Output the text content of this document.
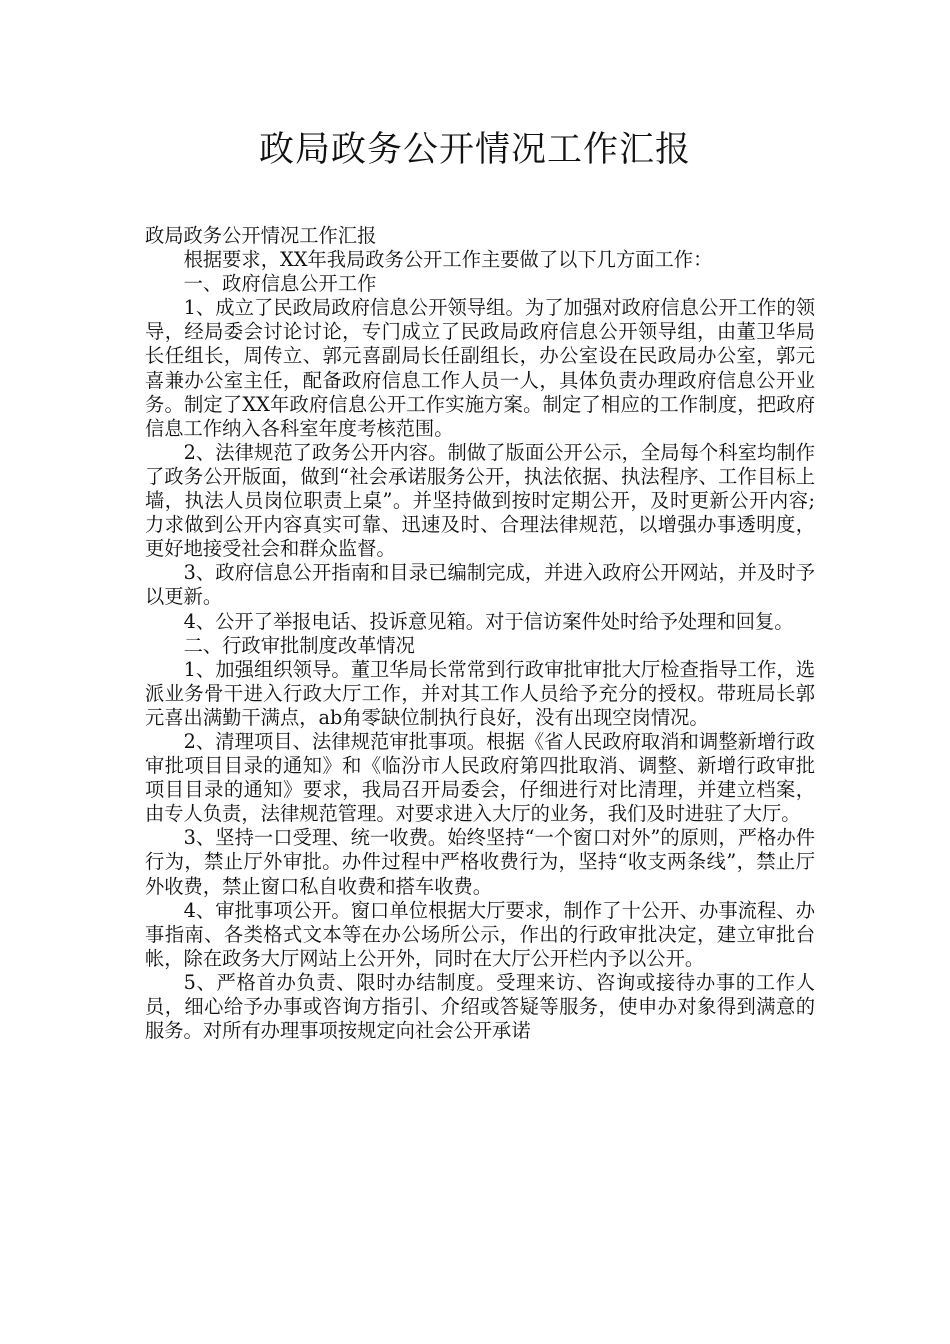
政局政务公开情况工作汇报

政局政务公开情况工作汇报

根据要求，XX年我局政务公开工作主要做了以下几方面工作：

一、政府信息公开工作

1、成立了民政局政府信息公开领导组。为了加强对政府信息公开工作的领导，经局委会讨论讨论，专门成立了民政局政府信息公开领导组，由董卫华局长任组长，周传立、郭元喜副局长任副组长，办公室设在民政局办公室，郭元喜兼办公室主任，配备政府信息工作人员一人，具体负责办理政府信息公开业务。制定了XX年政府信息公开工作实施方案。制定了相应的工作制度，把政府信息工作纳入各科室年度考核范围。

2、法律规范了政务公开内容。制做了版面公开公示，全局每个科室均制作了政务公开版面，做到“社会承诺服务公开，执法依据、执法程序、工作目标上墙，执法人员岗位职责上桌”。并坚持做到按时定期公开，及时更新公开内容;力求做到公开内容真实可靠、迅速及时、合理法律规范，以增强办事透明度，更好地接受社会和群众监督。

3、政府信息公开指南和目录已编制完成，并进入政府公开网站，并及时予以更新。

4、公开了举报电话、投诉意见箱。对于信访案件处时给予处理和回复。

二、行政审批制度改革情况

1、加强组织领导。董卫华局长常常到行政审批审批大厅检查指导工作，选派业务骨干进入行政大厅工作，并对其工作人员给予充分的授权。带班局长郭元喜出满勤干满点，ab角零缺位制执行良好，没有出现空岗情况。

2、清理项目、法律规范审批事项。根据《省人民政府取消和调整新增行政审批项目目录的通知》和《临汾市人民政府第四批取消、调整、新增行政审批项目目录的通知》要求，我局召开局委会，仔细进行对比清理，并建立档案，由专人负责，法律规范管理。对要求进入大厅的业务，我们及时进驻了大厅。

3、坚持一口受理、统一收费。始终坚持“一个窗口对外”的原则，严格办件行为，禁止厅外审批。办件过程中严格收费行为，坚持“收支两条线”，禁止厅外收费，禁止窗口私自收费和搭车收费。

4、审批事项公开。窗口单位根据大厅要求，制作了十公开、办事流程、办事指南、各类格式文本等在办公场所公示，作出的行政审批决定，建立审批台帐，除在政务大厅网站上公开外，同时在大厅公开栏内予以公开。

5、严格首办负责、限时办结制度。受理来访、咨询或接待办事的工作人员，细心给予办事或咨询方指引、介绍或答疑等服务，使申办对象得到满意的服务。对所有办理事项按规定向社会公开承诺
